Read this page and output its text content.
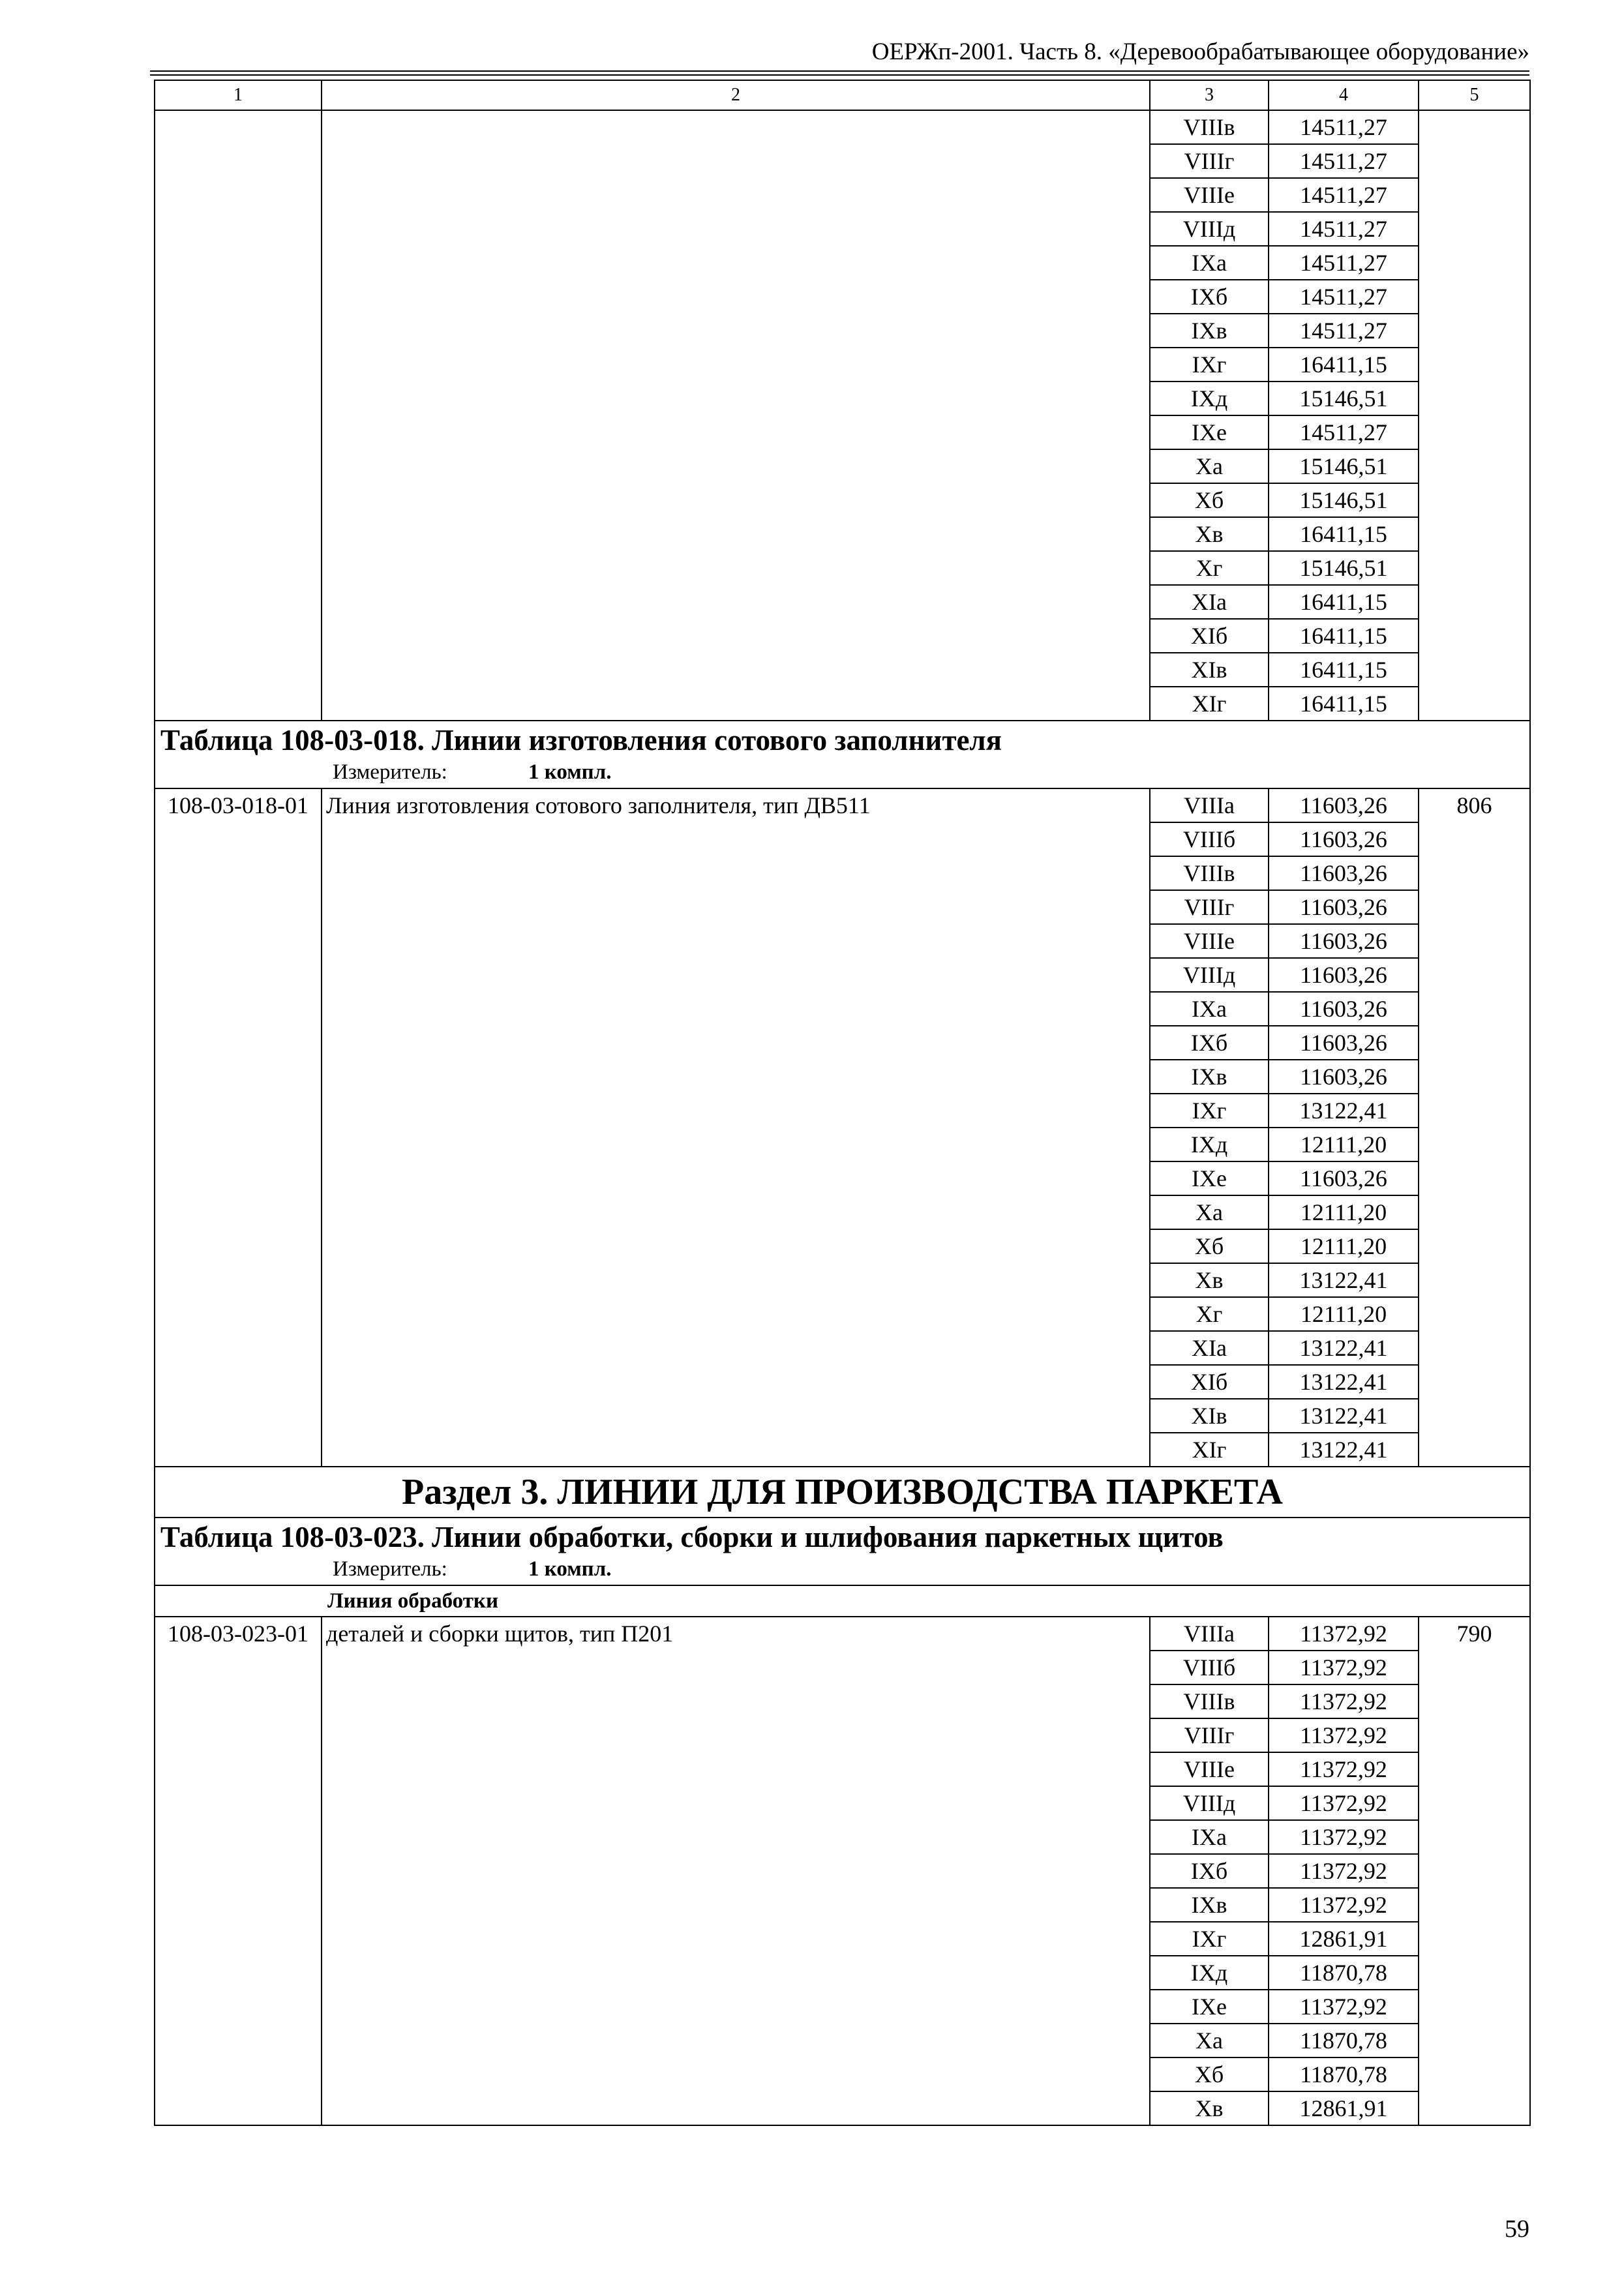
ОЕРЖп-2001. Часть 8. «Деревообрабатывающее оборудование»
1	2	3	4	5
		VIIIв	14511,27	
		VIIIг	14511,27	
		VIIIе	14511,27	
		VIIIд	14511,27	
		IXа	14511,27	
		IXб	14511,27	
		IXв	14511,27	
		IXг	16411,15	
		IXд	15146,51	
		IXе	14511,27	
		Xа	15146,51	
		Xб	15146,51	
		Xв	16411,15	
		Xг	15146,51	
		XIа	16411,15	
		XIб	16411,15	
		XIв	16411,15	
		XIг	16411,15	

Таблица 108-03-018. Линии изготовления сотового заполнителя
Измеритель: 1 компл.				

108-03-018-01	Линия изготовления сотового заполнителя, тип ДВ511	VIIIа	11603,26	806
		VIIIб	11603,26	
		VIIIв	11603,26	
		VIIIг	11603,26	
		VIIIе	11603,26	
		VIIIд	11603,26	
		IXа	11603,26	
		IXб	11603,26	
		IXв	11603,26	
		IXг	13122,41	
		IXд	12111,20	
		IXе	11603,26	
		Xа	12111,20	
		Xб	12111,20	
		Xв	13122,41	
		Xг	12111,20	
		XIа	13122,41	
		XIб	13122,41	
		XIв	13122,41	
		XIг	13122,41	
Раздел 3. ЛИНИИ ДЛЯ ПРОИЗВОДСТВА ПАРКЕТА				

Таблица 108-03-023. Линии обработки, сборки и шлифования паркетных щитов
Измеритель: 1 компл.				

Линия обработки				
108-03-023-01	деталей и сборки щитов, тип П201	VIIIа	11372,92	790
		VIIIб	11372,92	
		VIIIв	11372,92	
		VIIIг	11372,92	
		VIIIе	11372,92	
		VIIIд	11372,92	
		IXа	11372,92	
		IXб	11372,92	
		IXв	11372,92	
		IXг	12861,91	
		IXд	11870,78	
		IXе	11372,92	
		Xа	11870,78	
		Xб	11870,78	
		Xв	12861,91	
59
